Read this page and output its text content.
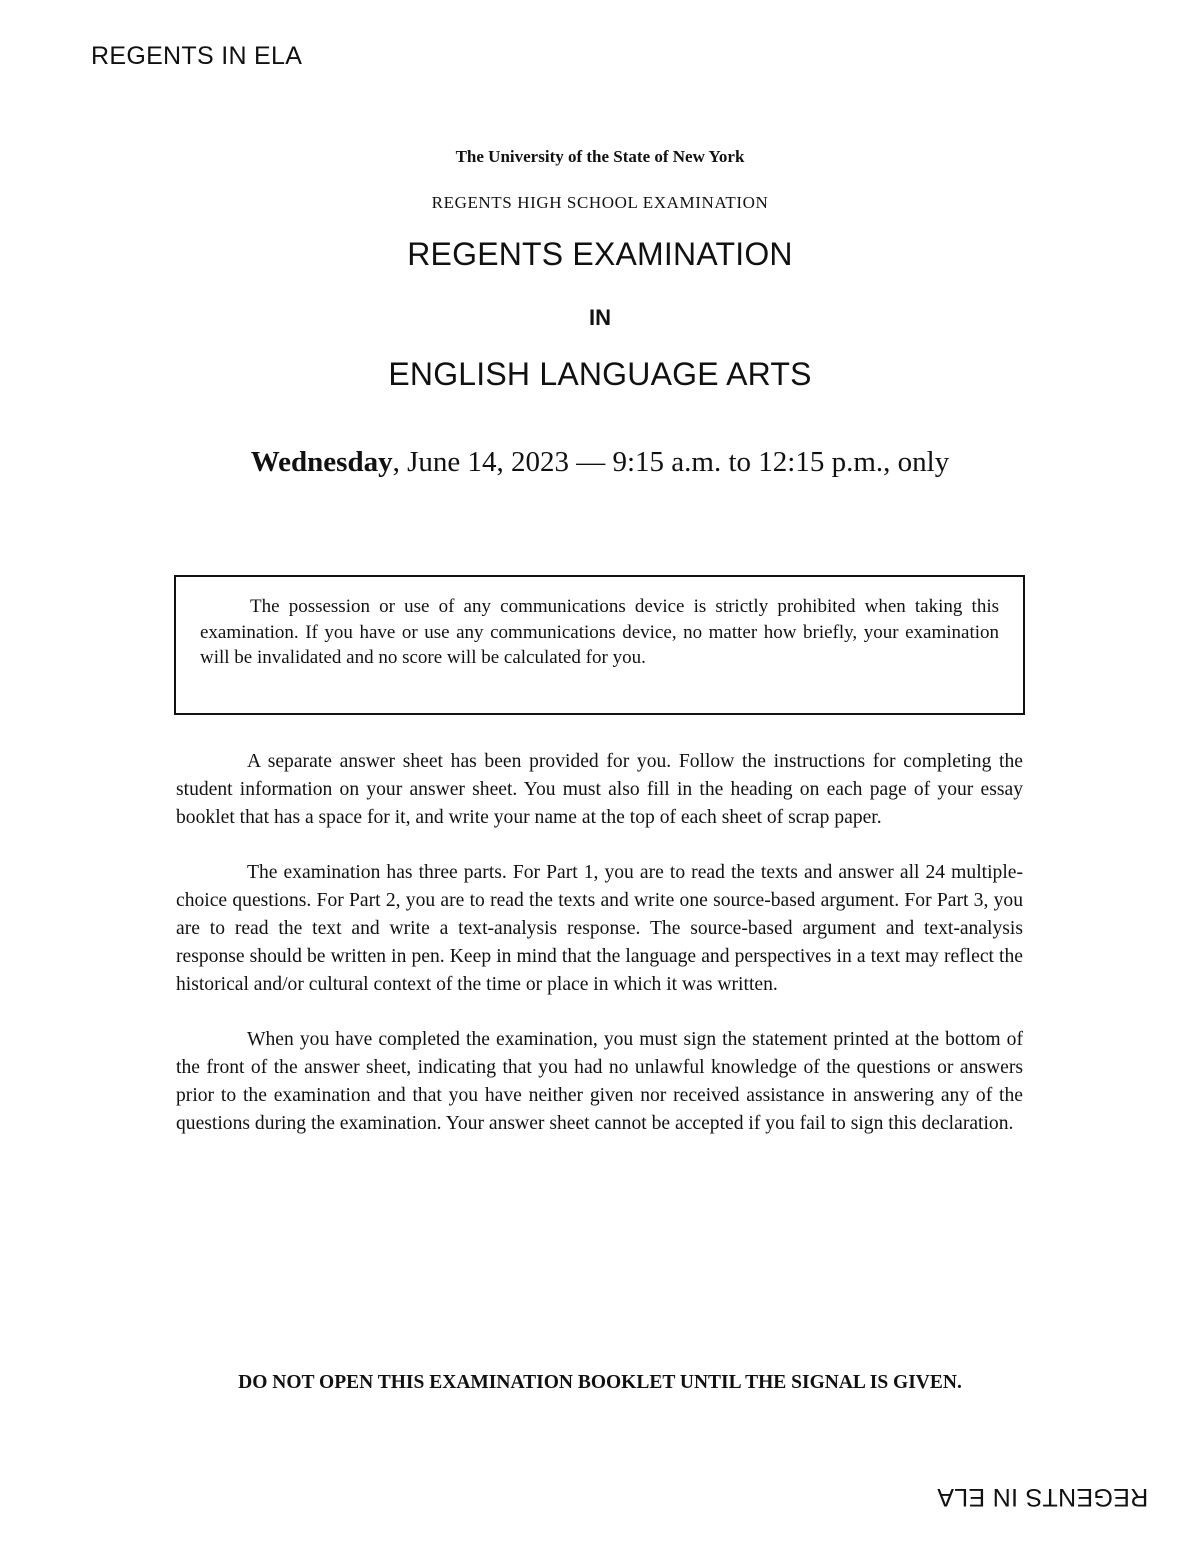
REGENTS IN ELA
The University of the State of New York
REGENTS HIGH SCHOOL EXAMINATION
REGENTS EXAMINATION
IN
ENGLISH LANGUAGE ARTS
Wednesday, June 14, 2023 — 9:15 a.m. to 12:15 p.m., only

The possession or use of any communications device is strictly prohibited when taking this examination. If you have or use any communications device, no matter how briefly, your examination will be invalidated and no score will be calculated for you.

A separate answer sheet has been provided for you. Follow the instructions for completing the student information on your answer sheet. You must also fill in the heading on each page of your essay booklet that has a space for it, and write your name at the top of each sheet of scrap paper.

The examination has three parts. For Part 1, you are to read the texts and answer all 24 multiple-choice questions. For Part 2, you are to read the texts and write one source-based argument. For Part 3, you are to read the text and write a text-analysis response. The source-based argument and text-analysis response should be written in pen. Keep in mind that the language and perspectives in a text may reflect the historical and/or cultural context of the time or place in which it was written.

When you have completed the examination, you must sign the statement printed at the bottom of the front of the answer sheet, indicating that you had no unlawful knowledge of the questions or answers prior to the examination and that you have neither given nor received assistance in answering any of the questions during the examination. Your answer sheet cannot be accepted if you fail to sign this declaration.

DO NOT OPEN THIS EXAMINATION BOOKLET UNTIL THE SIGNAL IS GIVEN.
REGENTS IN ELA
